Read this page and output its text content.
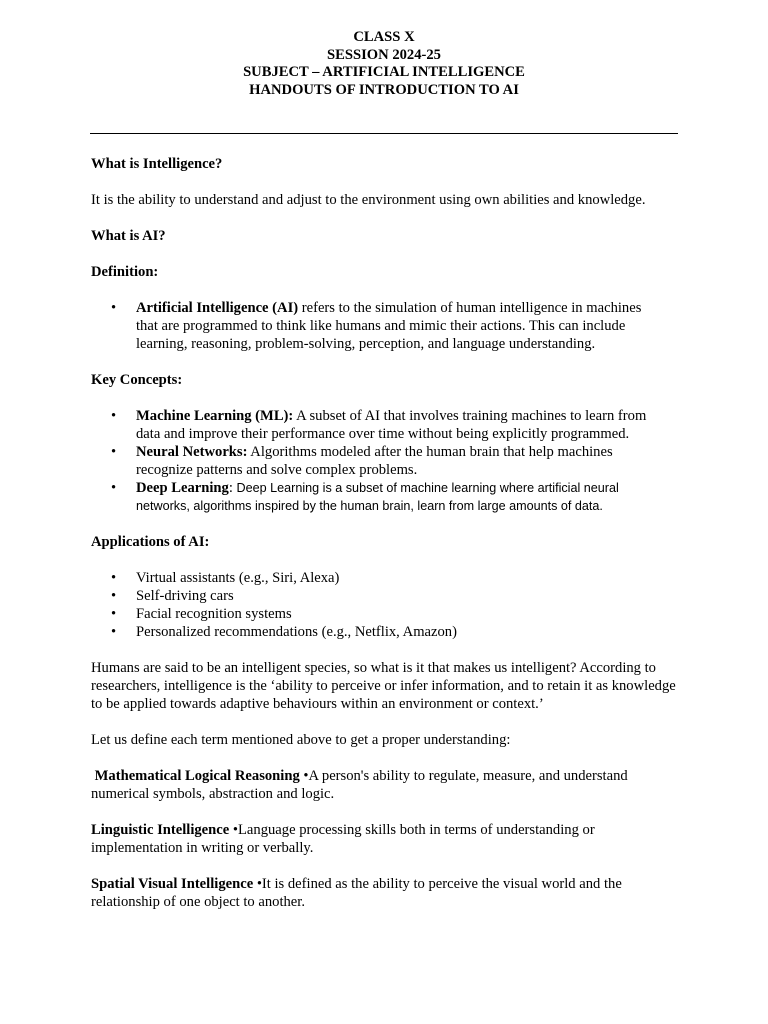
CLASS X
SESSION 2024-25
SUBJECT – ARTIFICIAL INTELLIGENCE
HANDOUTS OF INTRODUCTION TO AI

What is Intelligence?

It is the ability to understand and adjust to the environment using own abilities and knowledge.

What is AI?

Definition:

• Artificial Intelligence (AI) refers to the simulation of human intelligence in machines that are programmed to think like humans and mimic their actions. This can include learning, reasoning, problem-solving, perception, and language understanding.

Key Concepts:

• Machine Learning (ML): A subset of AI that involves training machines to learn from data and improve their performance over time without being explicitly programmed.
• Neural Networks: Algorithms modeled after the human brain that help machines recognize patterns and solve complex problems.
• Deep Learning: Deep Learning is a subset of machine learning where artificial neural networks, algorithms inspired by the human brain, learn from large amounts of data.

Applications of AI:

• Virtual assistants (e.g., Siri, Alexa)
• Self-driving cars
• Facial recognition systems
• Personalized recommendations (e.g., Netflix, Amazon)

Humans are said to be an intelligent species, so what is it that makes us intelligent? According to researchers, intelligence is the ‘ability to perceive or infer information, and to retain it as knowledge to be applied towards adaptive behaviours within an environment or context.’

Let us define each term mentioned above to get a proper understanding:

Mathematical Logical Reasoning •A person's ability to regulate, measure, and understand numerical symbols, abstraction and logic.

Linguistic Intelligence •Language processing skills both in terms of understanding or implementation in writing or verbally.

Spatial Visual Intelligence •It is defined as the ability to perceive the visual world and the relationship of one object to another.
